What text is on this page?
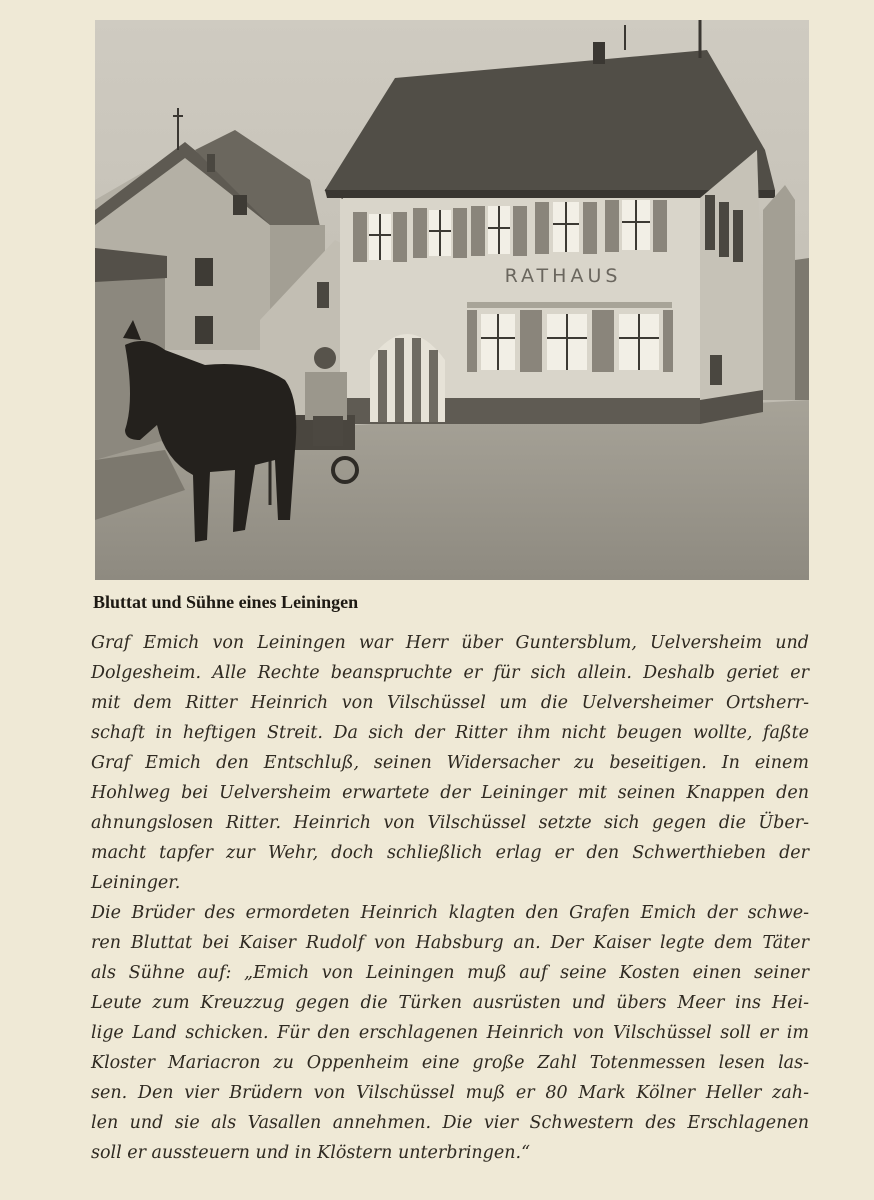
RATHAUS
Bluttat und Sühne eines Leiningen
Graf Emich von Leiningen war Herr über Guntersblum, Uelversheim und
Dolgesheim. Alle Rechte beanspruchte er für sich allein. Deshalb geriet er
mit dem Ritter Heinrich von Vilschüssel um die Uelversheimer Ortsherr-
schaft in heftigen Streit. Da sich der Ritter ihm nicht beugen wollte, faßte
Graf Emich den Entschluß, seinen Widersacher zu beseitigen. In einem
Hohlweg bei Uelversheim erwartete der Leininger mit seinen Knappen den
ahnungslosen Ritter. Heinrich von Vilschüssel setzte sich gegen die Über-
macht tapfer zur Wehr, doch schließlich erlag er den Schwerthieben der
Leininger.
Die Brüder des ermordeten Heinrich klagten den Grafen Emich der schwe-
ren Bluttat bei Kaiser Rudolf von Habsburg an. Der Kaiser legte dem Täter
als Sühne auf: „Emich von Leiningen muß auf seine Kosten einen seiner
Leute zum Kreuzzug gegen die Türken ausrüsten und übers Meer ins Hei-
lige Land schicken. Für den erschlagenen Heinrich von Vilschüssel soll er im
Kloster Mariacron zu Oppenheim eine große Zahl Totenmessen lesen las-
sen. Den vier Brüdern von Vilschüssel muß er 80 Mark Kölner Heller zah-
len und sie als Vasallen annehmen. Die vier Schwestern des Erschlagenen
soll er aussteuern und in Klöstern unterbringen.“
